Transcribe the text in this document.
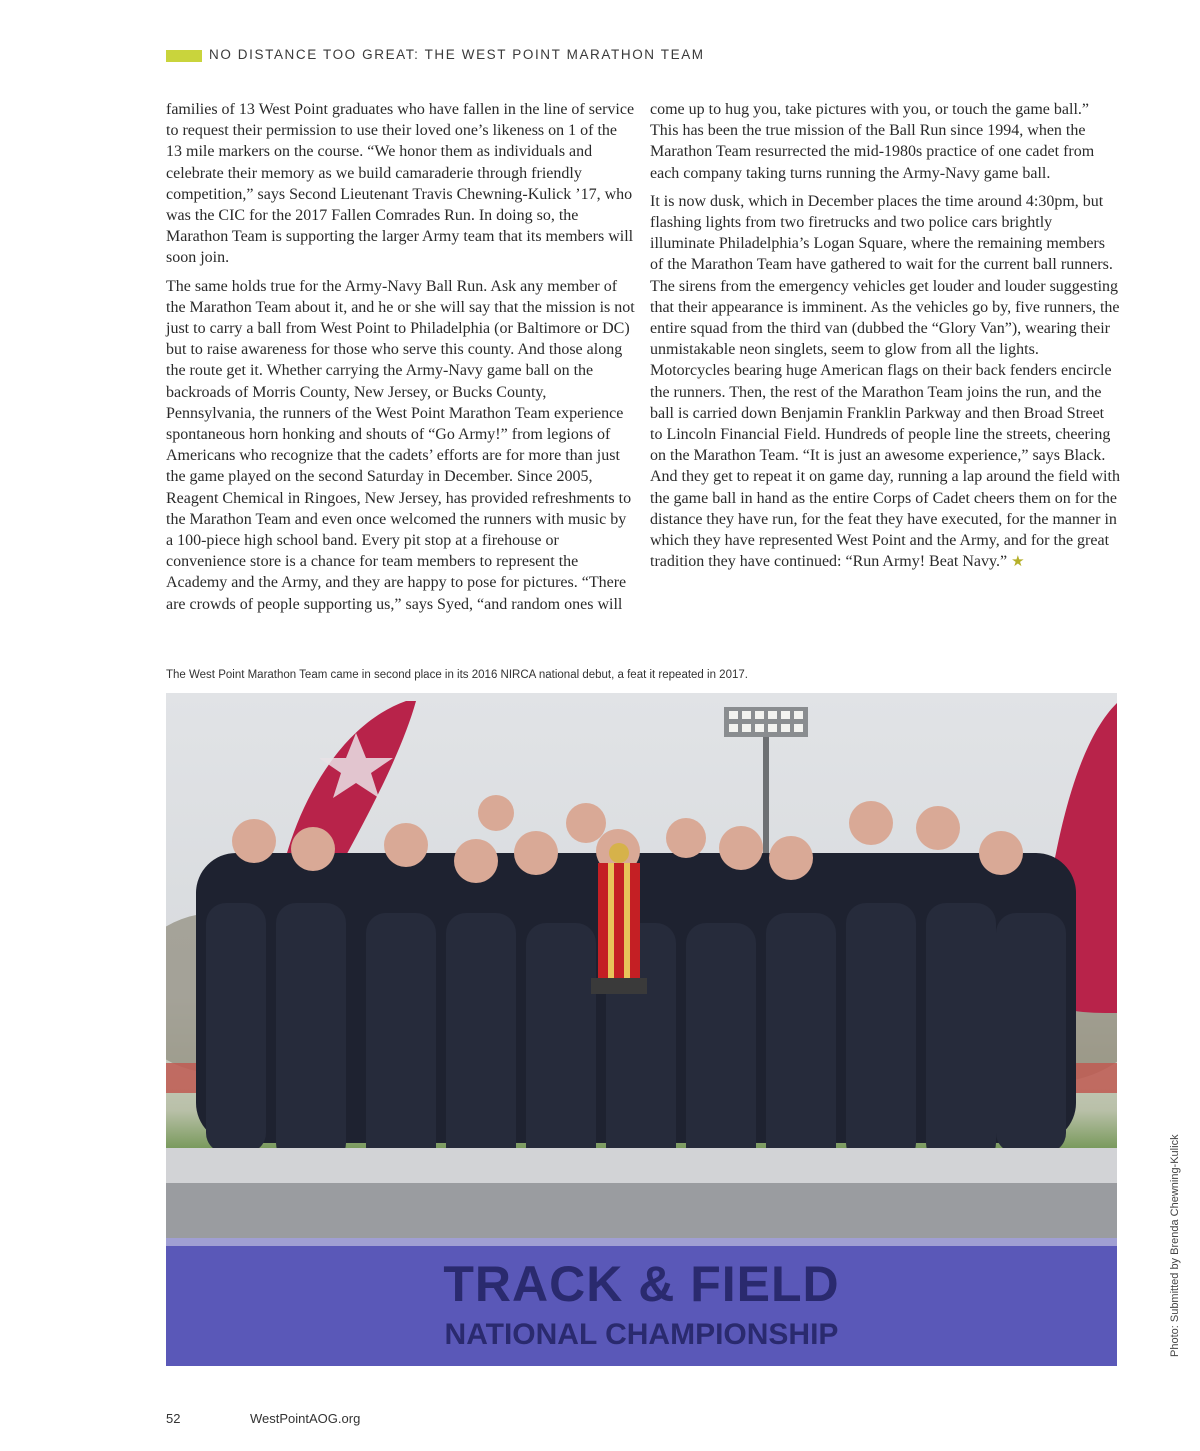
NO DISTANCE TOO GREAT: THE WEST POINT MARATHON TEAM

families of 13 West Point graduates who have fallen in the line of service to request their permission to use their loved one’s likeness on 1 of the 13 mile markers on the course. “We honor them as individuals and celebrate their memory as we build camaraderie through friendly competition,” says Second Lieutenant Travis Chewning-Kulick ’17, who was the CIC for the 2017 Fallen Comrades Run. In doing so, the Marathon Team is supporting the larger Army team that its members will soon join.

The same holds true for the Army-Navy Ball Run. Ask any member of the Marathon Team about it, and he or she will say that the mission is not just to carry a ball from West Point to Philadelphia (or Baltimore or DC) but to raise awareness for those who serve this county. And those along the route get it. Whether carrying the Army-Navy game ball on the backroads of Morris County, New Jersey, or Bucks County, Pennsylvania, the runners of the West Point Marathon Team experience spontaneous horn honking and shouts of “Go Army!” from legions of Americans who recognize that the cadets’ efforts are for more than just the game played on the second Saturday in December. Since 2005, Reagent Chemical in Ringoes, New Jersey, has provided refreshments to the Marathon Team and even once welcomed the runners with music by a 100-piece high school band. Every pit stop at a firehouse or convenience store is a chance for team members to represent the Academy and the Army, and they are happy to pose for pictures. “There are crowds of people supporting us,” says Syed, “and random ones will

come up to hug you, take pictures with you, or touch the game ball.” This has been the true mission of the Ball Run since 1994, when the Marathon Team resurrected the mid-1980s practice of one cadet from each company taking turns running the Army-Navy game ball.

It is now dusk, which in December places the time around 4:30pm, but flashing lights from two firetrucks and two police cars brightly illuminate Philadelphia’s Logan Square, where the remaining members of the Marathon Team have gathered to wait for the current ball runners. The sirens from the emergency vehicles get louder and louder suggesting that their appearance is imminent. As the vehicles go by, five runners, the entire squad from the third van (dubbed the “Glory Van”), wearing their unmistakable neon singlets, seem to glow from all the lights. Motorcycles bearing huge American flags on their back fenders encircle the runners. Then, the rest of the Marathon Team joins the run, and the ball is carried down Benjamin Franklin Parkway and then Broad Street to Lincoln Financial Field. Hundreds of people line the streets, cheering on the Marathon Team. “It is just an awesome experience,” says Black. And they get to repeat it on game day, running a lap around the field with the game ball in hand as the entire Corps of Cadet cheers them on for the distance they have run, for the feat they have executed, for the manner in which they have represented West Point and the Army, and for the great tradition they have continued: “Run Army! Beat Navy.” ★

The West Point Marathon Team came in second place in its 2016 NIRCA national debut, a feat it repeated in 2017.
TRACK & FIELD
NATIONAL CHAMPIONSHIP	Photo: Submitted by Brenda Chewning-Kulick
52	WestPointAOG.org
